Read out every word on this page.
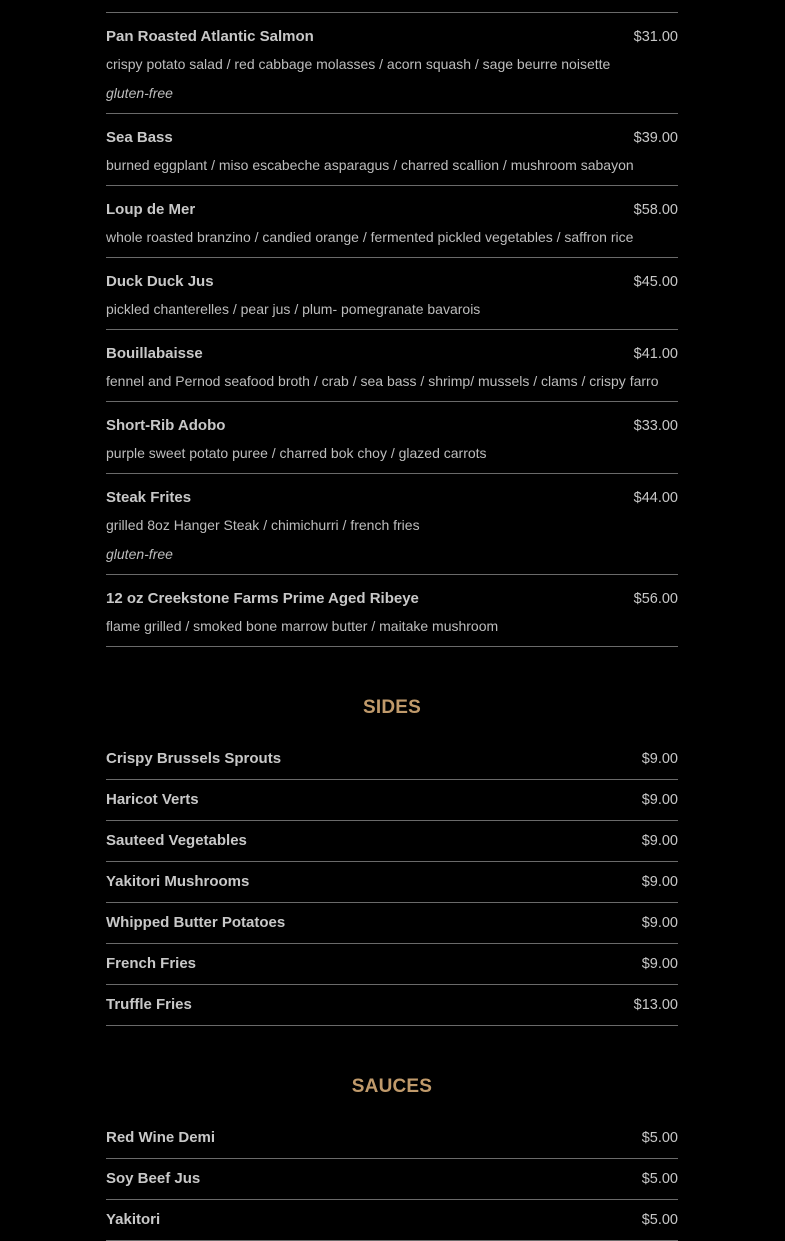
Pan Roasted Atlantic Salmon	$31.00
crispy potato salad / red cabbage molasses / acorn squash / sage beurre noisette
gluten-free
Sea Bass	$39.00
burned eggplant / miso escabeche asparagus / charred scallion / mushroom sabayon
Loup de Mer	$58.00
whole roasted branzino / candied orange / fermented pickled vegetables / saffron rice
Duck Duck Jus	$45.00
pickled chanterelles / pear jus / plum- pomegranate bavarois
Bouillabaisse	$41.00
fennel and Pernod seafood broth / crab / sea bass / shrimp/ mussels / clams / crispy farro
Short-Rib Adobo	$33.00
purple sweet potato puree / charred bok choy / glazed carrots
Steak Frites	$44.00
grilled 8oz Hanger Steak / chimichurri / french fries
gluten-free
12 oz Creekstone Farms Prime Aged Ribeye	$56.00
flame grilled / smoked bone marrow butter / maitake mushroom
SIDES
Crispy Brussels Sprouts	$9.00
Haricot Verts	$9.00
Sauteed Vegetables	$9.00
Yakitori Mushrooms	$9.00
Whipped Butter Potatoes	$9.00
French Fries	$9.00
Truffle Fries	$13.00
SAUCES
Red Wine Demi	$5.00
Soy Beef Jus	$5.00
Yakitori	$5.00
